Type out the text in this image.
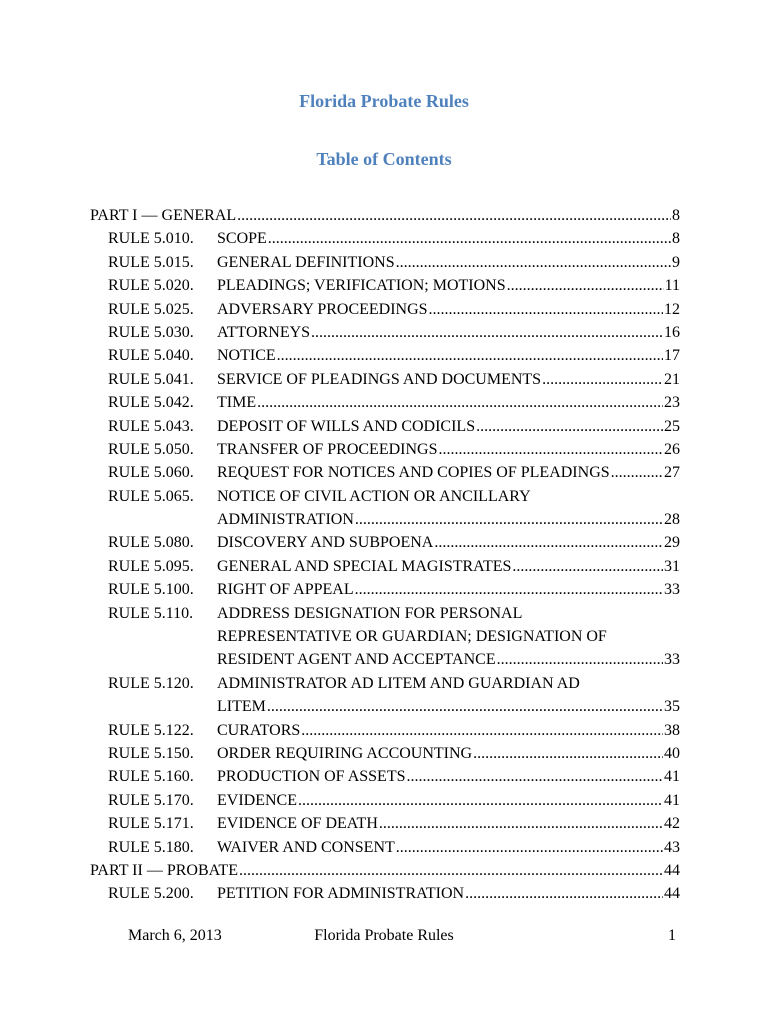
Florida Probate Rules
Table of Contents
PART I — GENERAL .....	8
RULE 5.010.	SCOPE .....	8
RULE 5.015.	GENERAL DEFINITIONS .....	9
RULE 5.020.	PLEADINGS; VERIFICATION; MOTIONS .....	11
RULE 5.025.	ADVERSARY PROCEEDINGS .....	12
RULE 5.030.	ATTORNEYS .....	16
RULE 5.040.	NOTICE .....	17
RULE 5.041.	SERVICE OF PLEADINGS AND DOCUMENTS .....	21
RULE 5.042.	TIME .....	23
RULE 5.043.	DEPOSIT OF WILLS AND CODICILS .....	25
RULE 5.050.	TRANSFER OF PROCEEDINGS .....	26
RULE 5.060.	REQUEST FOR NOTICES AND COPIES OF PLEADINGS .....	27
RULE 5.065.	NOTICE OF CIVIL ACTION OR ANCILLARY
ADMINISTRATION .....	28
RULE 5.080.	DISCOVERY AND SUBPOENA .....	29
RULE 5.095.	GENERAL AND SPECIAL MAGISTRATES .....	31
RULE 5.100.	RIGHT OF APPEAL .....	33
RULE 5.110.	ADDRESS DESIGNATION FOR PERSONAL
REPRESENTATIVE OR GUARDIAN; DESIGNATION OF
RESIDENT AGENT AND ACCEPTANCE .....	33
RULE 5.120.	ADMINISTRATOR AD LITEM AND GUARDIAN AD
LITEM .....	35
RULE 5.122.	CURATORS .....	38
RULE 5.150.	ORDER REQUIRING ACCOUNTING .....	40
RULE 5.160.	PRODUCTION OF ASSETS .....	41
RULE 5.170.	EVIDENCE .....	41
RULE 5.171.	EVIDENCE OF DEATH .....	42
RULE 5.180.	WAIVER AND CONSENT .....	43
PART II — PROBATE .....	44
RULE 5.200.	PETITION FOR ADMINISTRATION .....	44
March 6, 2013	Florida Probate Rules	1
